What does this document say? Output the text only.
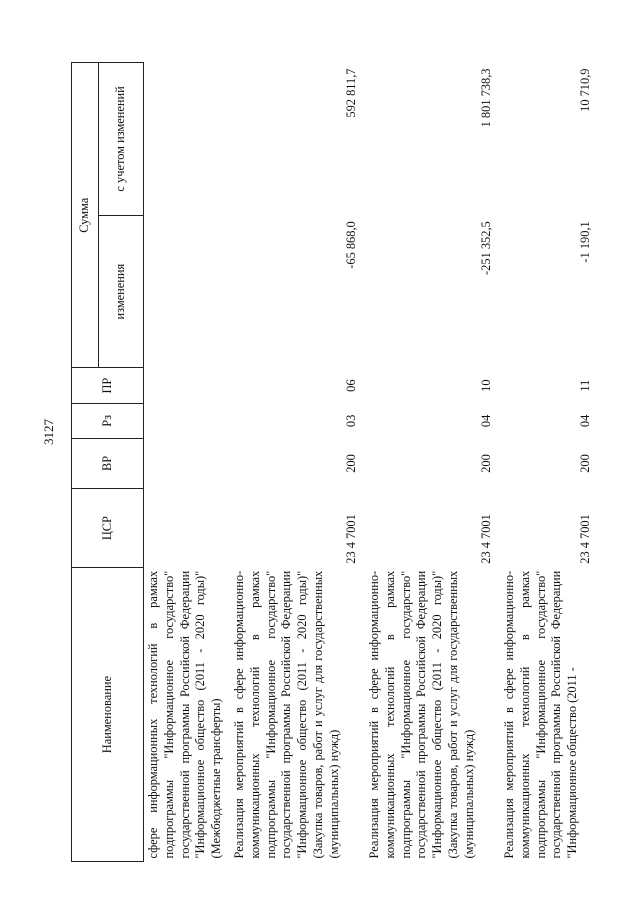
3127
Наименование	ЦСР	ВР	Рз	ПР	Сумма	
					изменения	с учетом изменений
сфере информационных технологий в рамках подпрограммы "Информационное государство" государственной программы Российской Федерации "Информационное общество (2011 - 2020 годы)" (Межбюджетные трансферты)						
Реализация мероприятий в сфере информационно-коммуникационных технологий в рамках подпрограммы "Информационное государство" государственной программы Российской Федерации "Информационное общество (2011 - 2020 годы)" (Закупка товаров, работ и услуг для государственных (муниципальных) нужд)	23 4 7001	200	03	06	-65 868,0	592 811,7
Реализация мероприятий в сфере информационно-коммуникационных технологий в рамках подпрограммы "Информационное государство" государственной программы Российской Федерации "Информационное общество (2011 - 2020 годы)" (Закупка товаров, работ и услуг для государственных (муниципальных) нужд)	23 4 7001	200	04	10	-251 352,5	1 801 738,3
Реализация мероприятий в сфере информационно-коммуникационных технологий в рамках подпрограммы "Информационное государство" государственной программы Российской Федерации "Информационное общество (2011 -	23 4 7001	200	04	11	-1 190,1	10 710,9
